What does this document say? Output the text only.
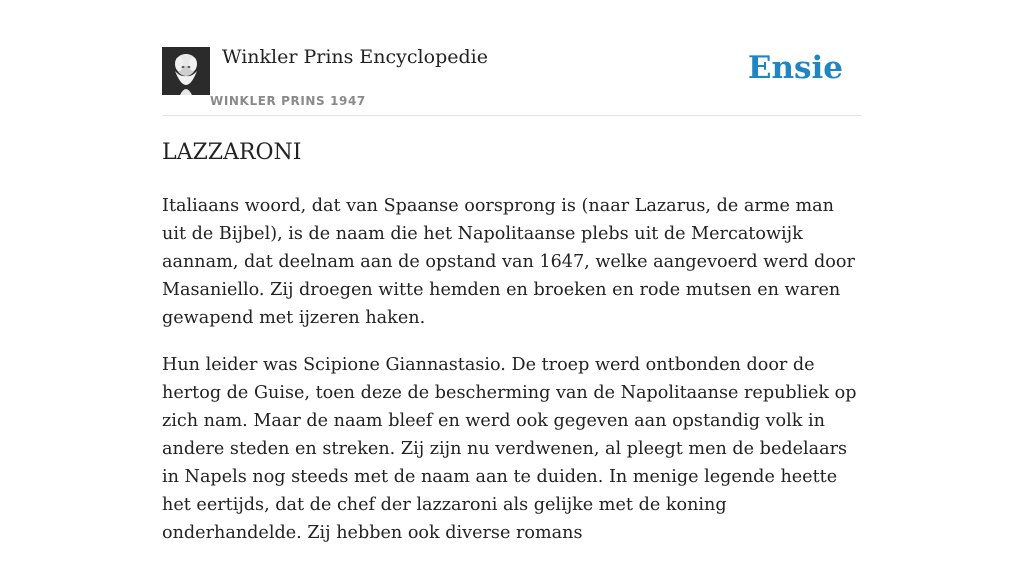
Winkler Prins Encyclopedie
WINKLER PRINS 1947
Ensie
LAZZARONI

Italiaans woord, dat van Spaanse oorsprong is (naar Lazarus, de arme man uit de Bijbel), is de naam die het Napolitaanse plebs uit de Mercatowijk aannam, dat deelnam aan de opstand van 1647, welke aangevoerd werd door Masaniello. Zij droegen witte hemden en broeken en rode mutsen en waren gewapend met ijzeren haken.

Hun leider was Scipione Giannastasio. De troep werd ontbonden door de hertog de Guise, toen deze de bescherming van de Napolitaanse republiek op zich nam. Maar de naam bleef en werd ook gegeven aan opstandig volk in andere steden en streken. Zij zijn nu verdwenen, al pleegt men de bedelaars in Napels nog steeds met de naam aan te duiden. In menige legende heette het eertijds, dat de chef der lazzaroni als gelijke met de koning onderhandelde. Zij hebben ook diverse romans
